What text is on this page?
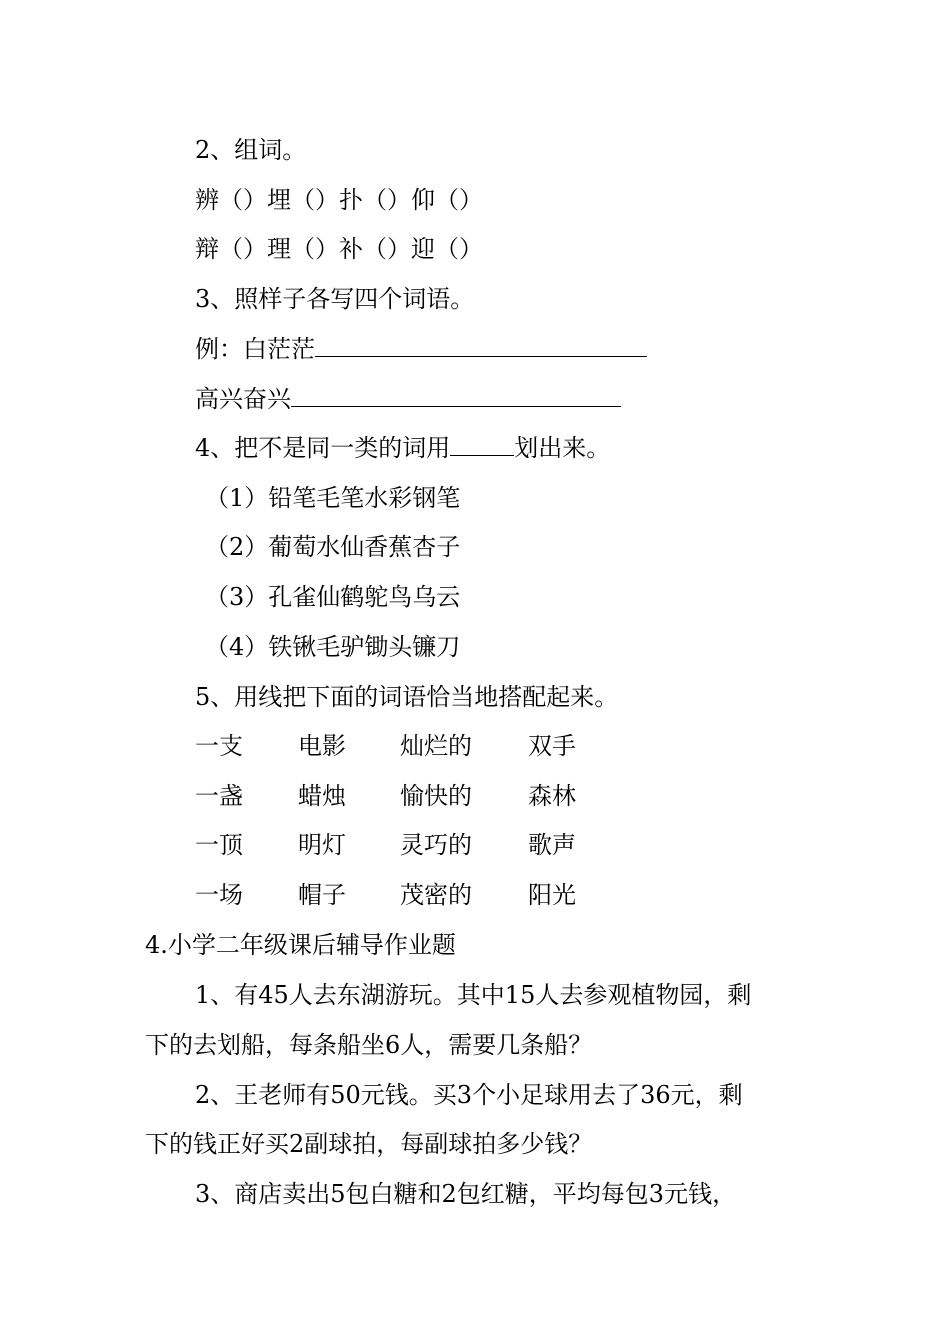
2、组词。
辨（）埋（）扑（）仰（）
辩（）理（）补（）迎（）
3、照样子各写四个词语。
例：白茫茫
高兴奋兴
4、把不是同一类的词用	划出来。
（1）铅笔毛笔水彩钢笔
（2）葡萄水仙香蕉杏子
（3）孔雀仙鹤鸵鸟乌云
（4）铁锹毛驴锄头镰刀
5、用线把下面的词语恰当地搭配起来。
一支 电影 灿烂的 双手
一盏 蜡烛 愉快的 森林
一顶 明灯 灵巧的 歌声
一场 帽子 茂密的 阳光
4.小学二年级课后辅导作业题
1、有45人去东湖游玩。其中15人去参观植物园，剩
下的去划船，每条船坐6人，需要几条船？
2、王老师有50元钱。买3个小足球用去了36元，剩
下的钱正好买2副球拍，每副球拍多少钱？
3、商店卖出5包白糖和2包红糖，平均每包3元钱，
